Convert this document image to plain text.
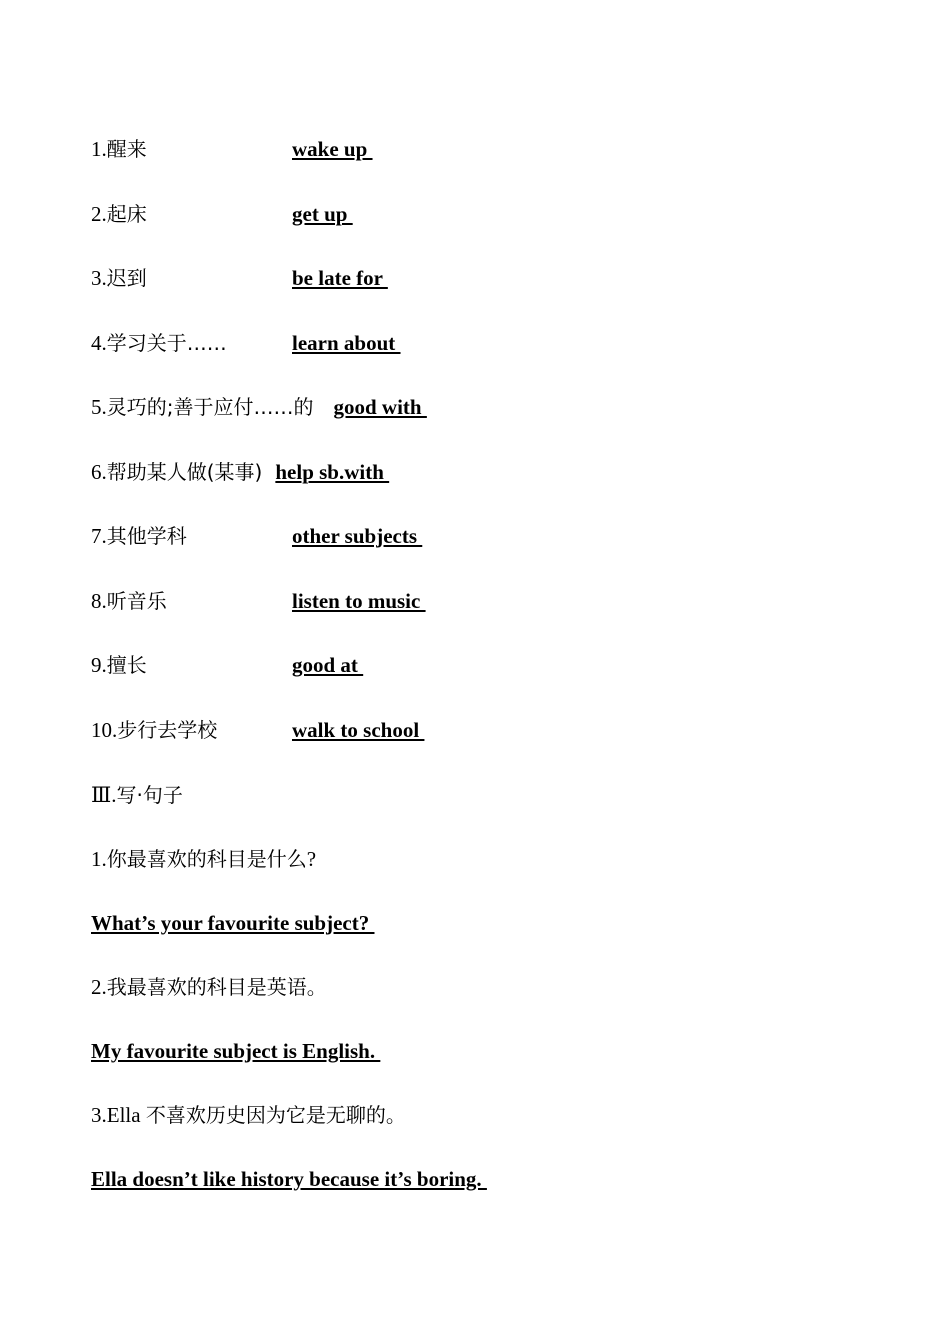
1.醒来	wake up
2.起床	get up
3.迟到	be late for
4.学习关于……	learn about
5.灵巧的;善于应付……的 good with
6.帮助某人做(某事) help sb.with
7.其他学科	other subjects
8.听音乐	listen to music
9.擅长	good at
10.步行去学校	walk to school
Ⅲ.写·句子
1.你最喜欢的科目是什么?
What’s your favourite subject?
2.我最喜欢的科目是英语。
My favourite subject is English.
3.Ella 不喜欢历史因为它是无聊的。
Ella doesn’t like history because it’s boring.
